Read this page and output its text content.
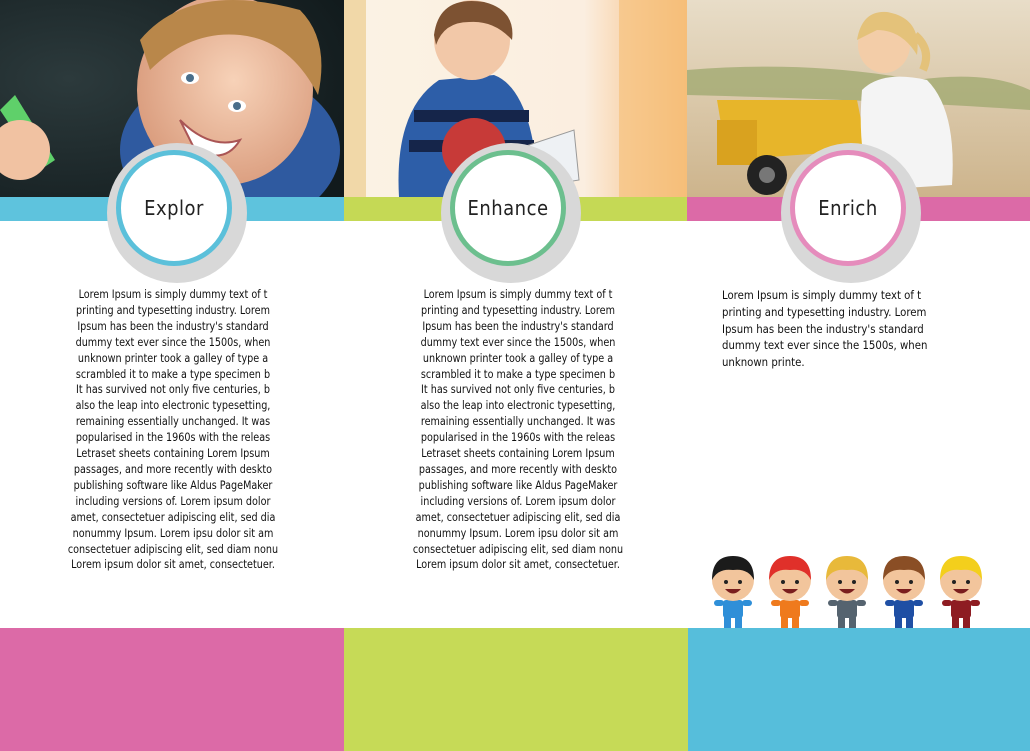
Explor	Enhance	Enrich
Lorem Ipsum is simply dummy text of t
printing and typesetting industry. Lorem
Ipsum has been the industry's standard
dummy text ever since the 1500s, when
unknown printer took a galley of type a
scrambled it to make a type specimen b
It has survived not only five centuries, b
also the leap into electronic typesetting,
remaining essentially unchanged. It was
popularised in the 1960s with the releas
Letraset sheets containing Lorem Ipsum
passages, and more recently with deskto
publishing software like Aldus PageMaker
including versions of. Lorem ipsum dolor
amet, consectetuer adipiscing elit, sed dia
nonummy Ipsum. Lorem ipsu dolor sit am
consectetuer adipiscing elit, sed diam nonu
Lorem ipsum dolor sit amet, consectetuer.
Lorem Ipsum is simply dummy text of t
printing and typesetting industry. Lorem
Ipsum has been the industry's standard
dummy text ever since the 1500s, when
unknown printer took a galley of type a
scrambled it to make a type specimen b
It has survived not only five centuries, b
also the leap into electronic typesetting,
remaining essentially unchanged. It was
popularised in the 1960s with the releas
Letraset sheets containing Lorem Ipsum
passages, and more recently with deskto
publishing software like Aldus PageMaker
including versions of. Lorem ipsum dolor
amet, consectetuer adipiscing elit, sed dia
nonummy Ipsum. Lorem ipsu dolor sit am
consectetuer adipiscing elit, sed diam nonu
Lorem ipsum dolor sit amet, consectetuer.
Lorem Ipsum is simply dummy text of t
printing and typesetting industry. Lorem
Ipsum has been the industry's standard
dummy text ever since the 1500s, when
unknown printe.
